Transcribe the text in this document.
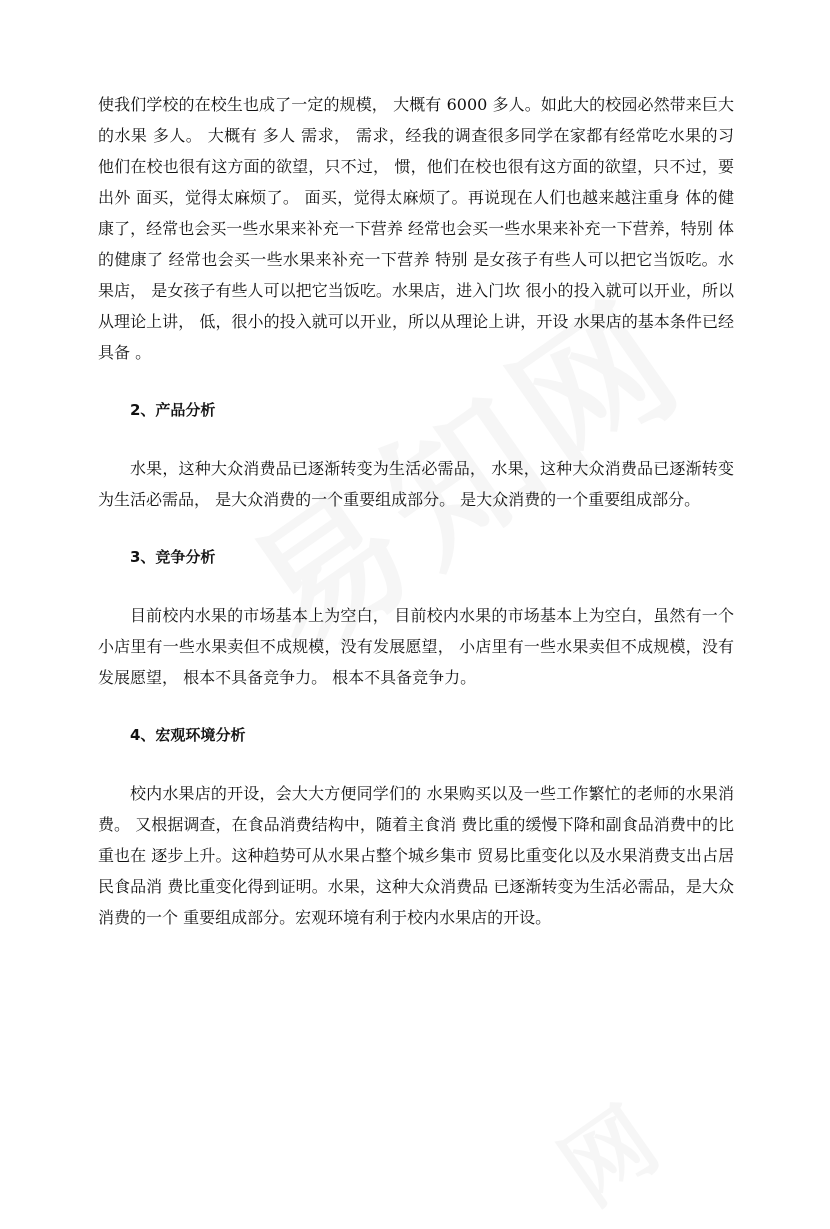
使我们学校的在校生也成了一定的规模， 大概有 6000 多人。如此大的校园必然带来巨大的水果 多人。 大概有 多人 需求， 需求，经我的调查很多同学在家都有经常吃水果的习 他们在校也很有这方面的欲望，只不过， 惯，他们在校也很有这方面的欲望，只不过，要出外 面买，觉得太麻烦了。 面买，觉得太麻烦了。再说现在人们也越来越注重身 体的健康了，经常也会买一些水果来补充一下营养 经常也会买一些水果来补充一下营养，特别 体的健康了 经常也会买一些水果来补充一下营养 特别 是女孩子有些人可以把它当饭吃。水果店， 是女孩子有些人可以把它当饭吃。水果店，进入门坎 很小的投入就可以开业，所以从理论上讲， 低，很小的投入就可以开业，所以从理论上讲，开设 水果店的基本条件已经具备 。

2、产品分析

水果，这种大众消费品已逐渐转变为生活必需品， 水果，这种大众消费品已逐渐转变为生活必需品， 是大众消费的一个重要组成部分。 是大众消费的一个重要组成部分。

3、竞争分析

目前校内水果的市场基本上为空白， 目前校内水果的市场基本上为空白，虽然有一个 小店里有一些水果卖但不成规模，没有发展愿望， 小店里有一些水果卖但不成规模，没有发展愿望， 根本不具备竞争力。 根本不具备竞争力。

4、宏观环境分析

校内水果店的开设，会大大方便同学们的 水果购买以及一些工作繁忙的老师的水果消费。 又根据调查，在食品消费结构中，随着主食消 费比重的缓慢下降和副食品消费中的比重也在 逐步上升。这种趋势可从水果占整个城乡集市 贸易比重变化以及水果消费支出占居民食品消 费比重变化得到证明。水果，这种大众消费品 已逐渐转变为生活必需品，是大众消费的一个 重要组成部分。宏观环境有利于校内水果店的开设。
